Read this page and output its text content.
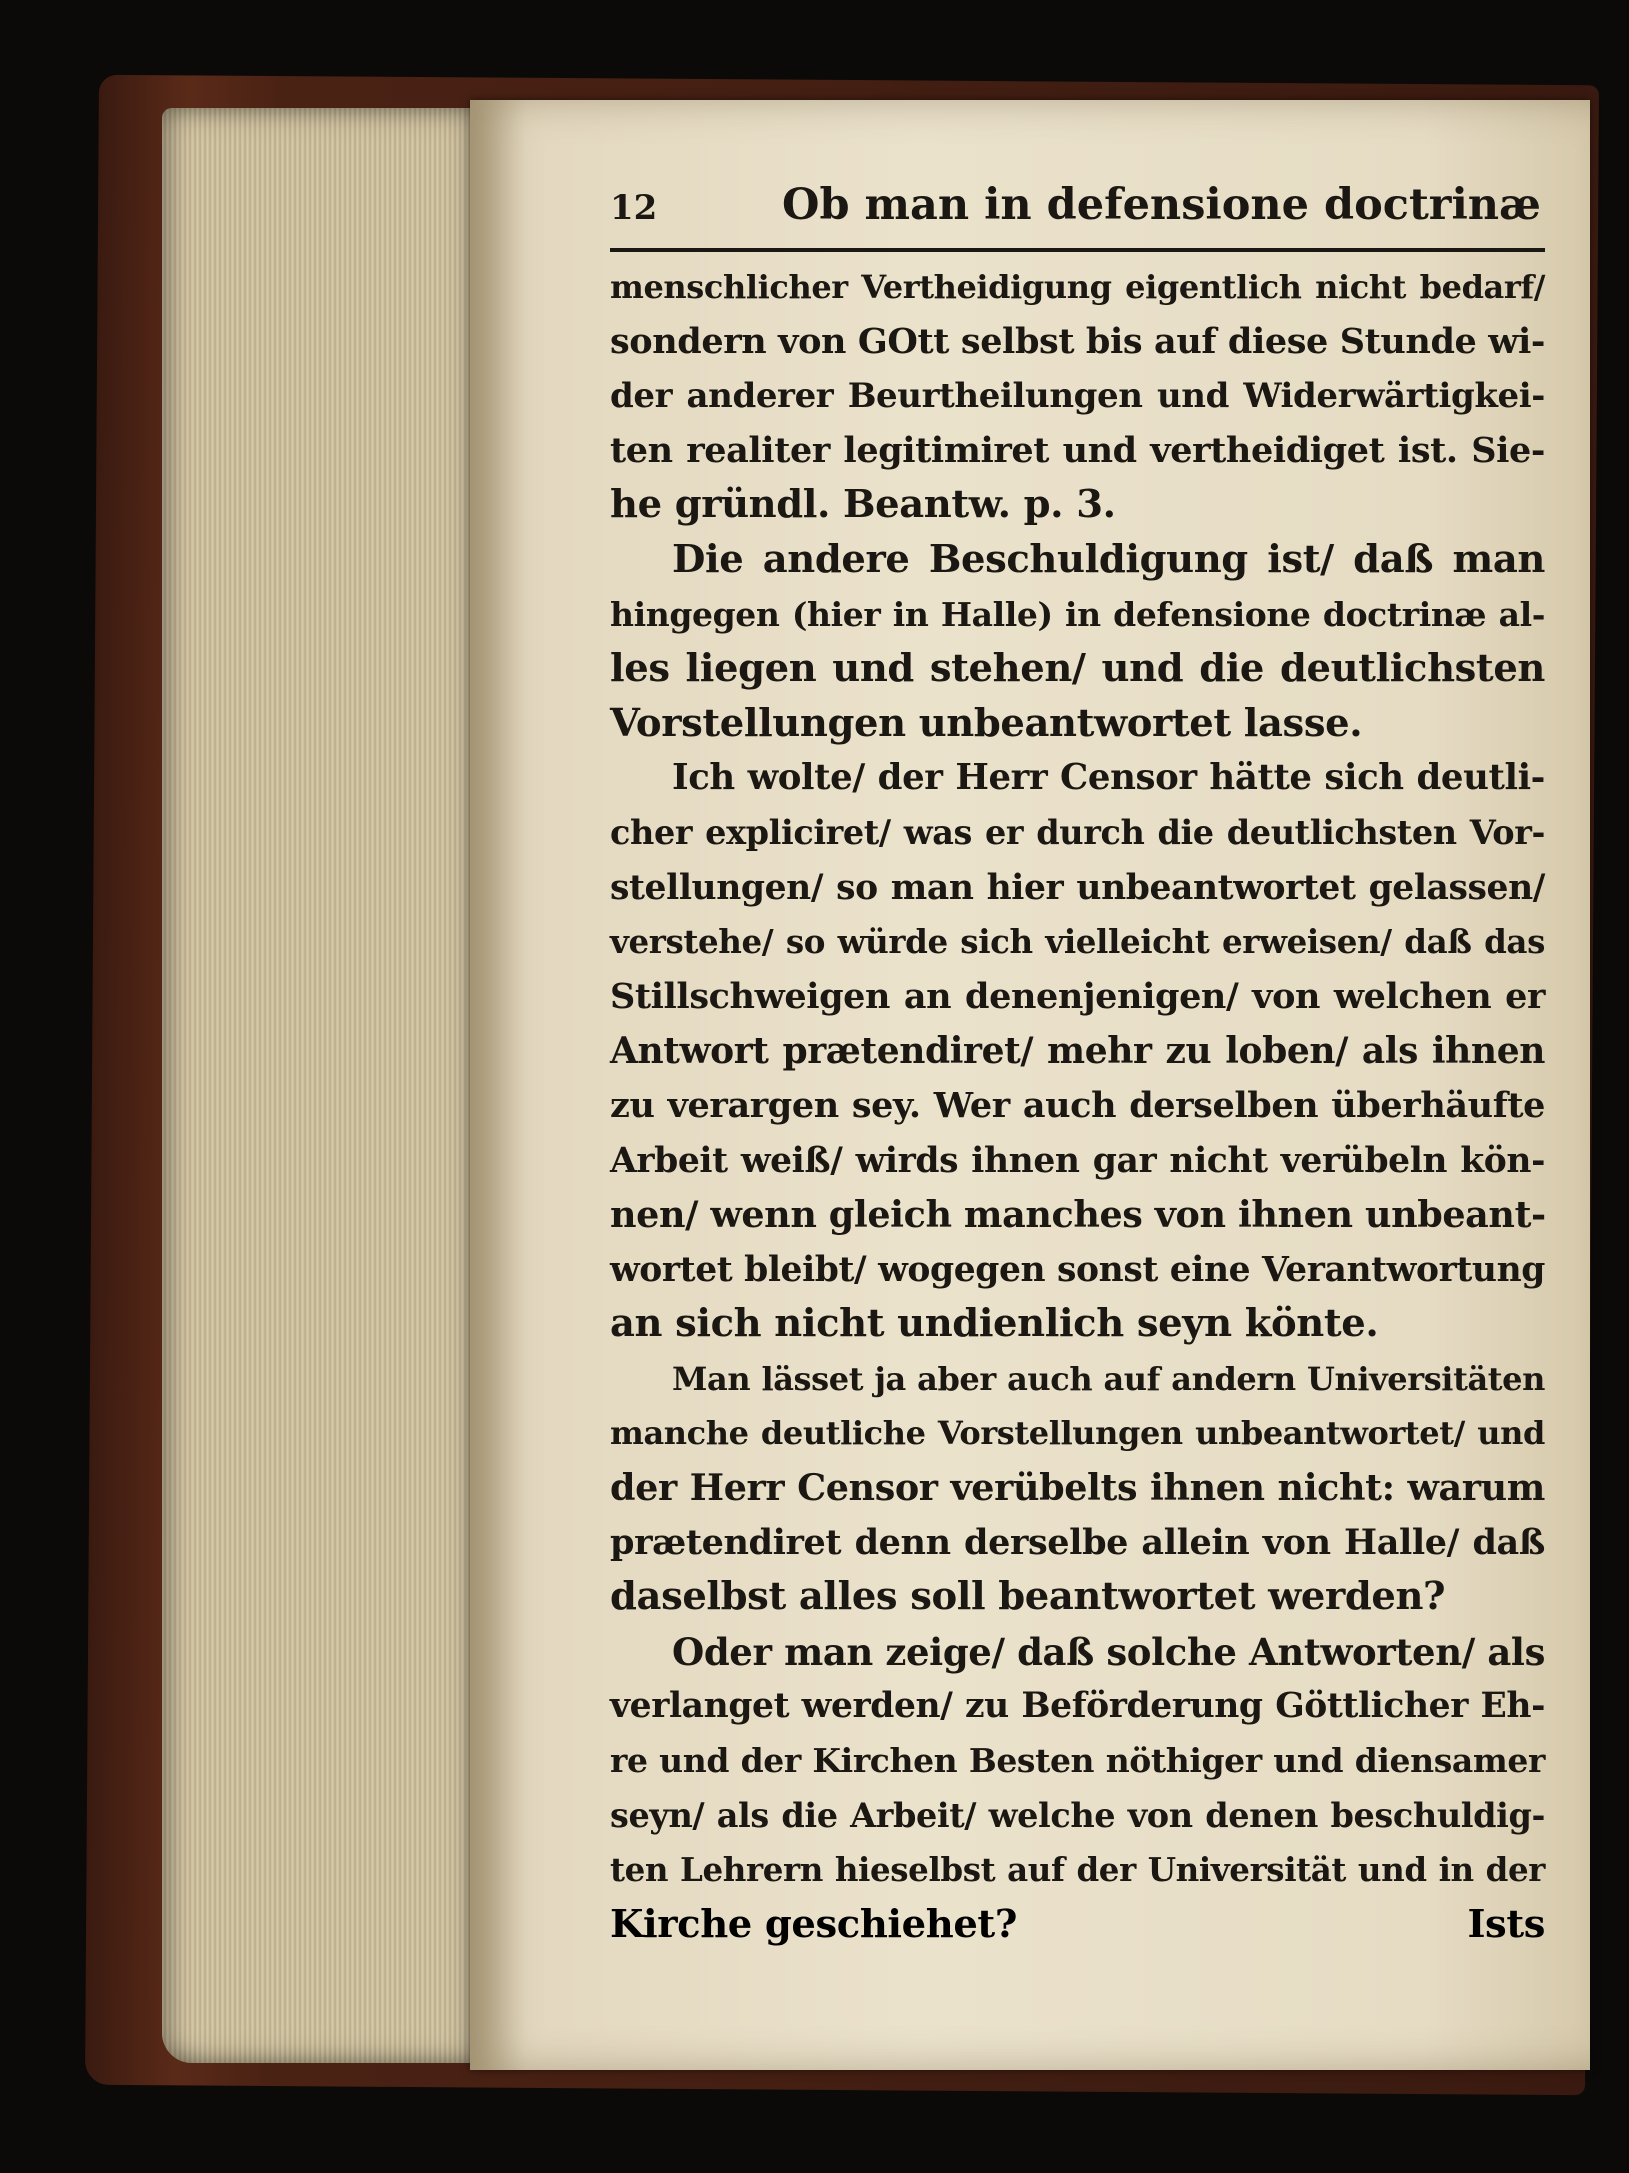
12	Ob man in defensione doctrinæ
menschlicher Vertheidigung eigentlich nicht bedarf/
sondern von GOtt selbst bis auf diese Stunde wi-
der anderer Beurtheilungen und Widerwärtigkei-
ten realiter legitimiret und vertheidiget ist. Sie-
he gründl. Beantw. p. 3.
Die andere Beschuldigung ist/ daß man
hingegen (hier in Halle) in defensione doctrinæ al-
les liegen und stehen/ und die deutlichsten
Vorstellungen unbeantwortet lasse.
Ich wolte/ der Herr Censor hätte sich deutli-
cher expliciret/ was er durch die deutlichsten Vor-
stellungen/ so man hier unbeantwortet gelassen/
verstehe/ so würde sich vielleicht erweisen/ daß das
Stillschweigen an denenjenigen/ von welchen er
Antwort prætendiret/ mehr zu loben/ als ihnen
zu verargen sey. Wer auch derselben überhäufte
Arbeit weiß/ wirds ihnen gar nicht verübeln kön-
nen/ wenn gleich manches von ihnen unbeant-
wortet bleibt/ wogegen sonst eine Verantwortung
an sich nicht undienlich seyn könte.
Man lässet ja aber auch auf andern Universitäten
manche deutliche Vorstellungen unbeantwortet/ und
der Herr Censor verübelts ihnen nicht: warum
prætendiret denn derselbe allein von Halle/ daß
daselbst alles soll beantwortet werden?
Oder man zeige/ daß solche Antworten/ als
verlanget werden/ zu Beförderung Göttlicher Eh-
re und der Kirchen Besten nöthiger und diensamer
seyn/ als die Arbeit/ welche von denen beschuldig-
ten Lehrern hieselbst auf der Universität und in der
Kirche geschiehet?	Ists
